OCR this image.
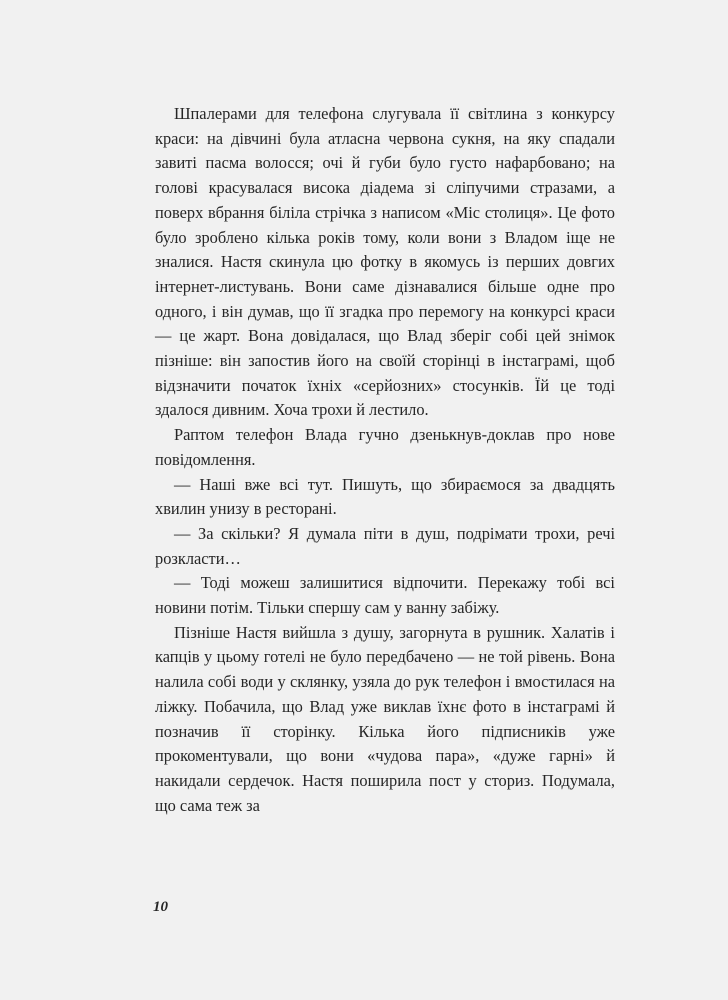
Шпалерами для телефона слугувала її світлина з конкурсу краси: на дівчині була атласна червона сукня, на яку спадали завиті пасма волосся; очі й губи було густо нафарбовано; на голові красувалася висока діадема зі сліпучими стразами, а поверх вбрання біліла стрічка з написом «Міс столиця». Це фото було зроблено кілька років тому, коли вони з Владом іще не зналися. Настя скинула цю фотку в якомусь із перших довгих інтернет-листувань. Вони саме дізнавалися більше одне про одного, і він думав, що її згадка про перемогу на конкурсі краси — це жарт. Вона довідалася, що Влад зберіг собі цей знімок пізніше: він запостив його на своїй сторінці в інстаграмі, щоб відзначити початок їхніх «серйозних» стосунків. Їй це тоді здалося дивним. Хоча трохи й лестило.

Раптом телефон Влада гучно дзенькнув-доклав про нове повідомлення.

— Наші вже всі тут. Пишуть, що збираємося за двадцять хвилин унизу в ресторані.

— За скільки? Я думала піти в душ, подрімати трохи, речі розкласти…

— Тоді можеш залишитися відпочити. Перекажу тобі всі новини потім. Тільки спершу сам у ванну забіжу.

Пізніше Настя вийшла з душу, загорнута в рушник. Халатів і капців у цьому готелі не було передбачено — не той рівень. Вона налила собі води у склянку, узяла до рук телефон і вмостилася на ліжку. Побачила, що Влад уже виклав їхнє фото в інстаграмі й позначив її сторінку. Кілька його підписників уже прокоментували, що вони «чудова пара», «дуже гарні» й накидали сердечок. Настя поширила пост у сториз. Подумала, що сама теж за

10
